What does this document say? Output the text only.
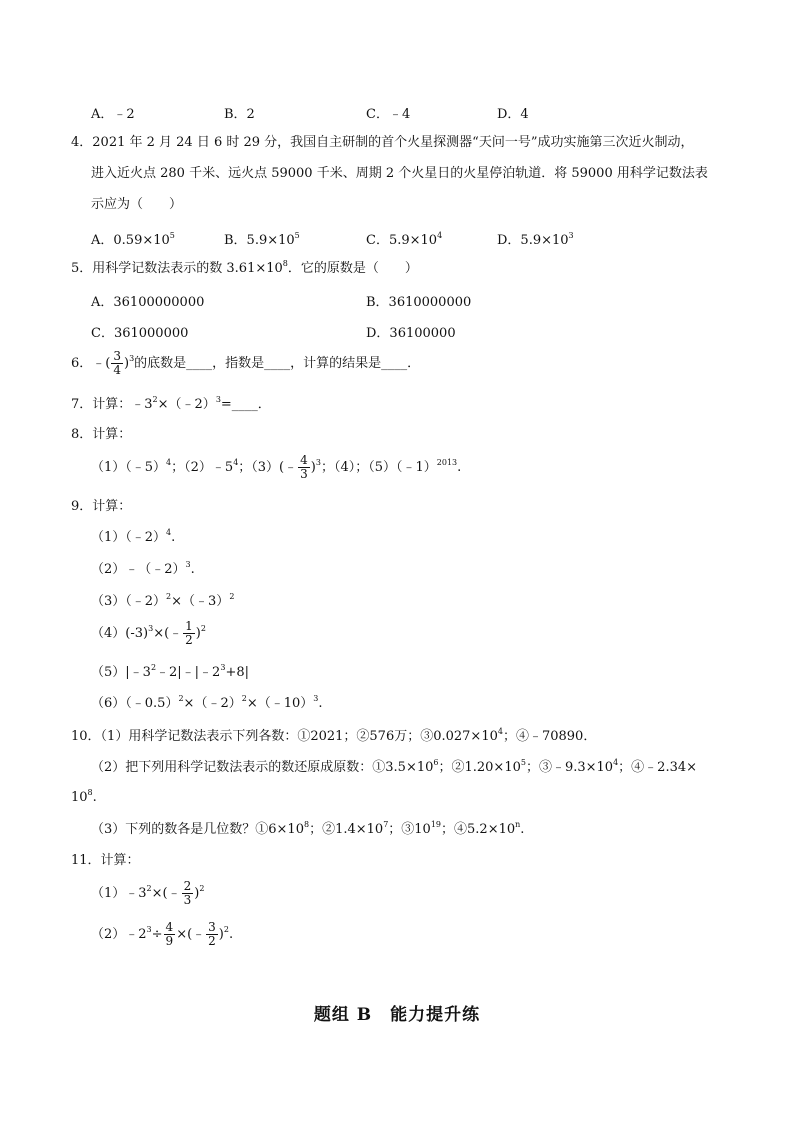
A．﹣2	B．2	C．﹣4	D．4
4．2021 年 2 月 24 日 6 时 29 分，我国自主研制的首个火星探测器“天问一号”成功实施第三次近火制动，
进入近火点 280 千米、远火点 59000 千米、周期 2 个火星日的火星停泊轨道．将 59000 用科学记数法表
示应为（　　）
A．$0.59\times 10^5$	B．$5.9\times 10^5$	C．$5.9\times 10^4$	D．$5.9\times 10^3$
5．用科学记数法表示的数 $3.61\times 10^8$．它的原数是（　　）
A．36100000000	B．3610000000
C．361000000	D．36100000
6．﹣( $\frac{3}{4} )^3$的底数是____，指数是____，计算的结果是____．
7．计算：$﹣3^2\times(﹣2)^3=\_\_\_\_$．
8．计算：
（1）（﹣5）$^4$；$(2)﹣5^4$；（3）(﹣ $\frac{4}{3} )^3$；（4）；（5）（﹣1）$^{2013}$.
9．计算：
（1）（﹣2）$^4$.
（2）﹣（﹣2）$^3$.
（3）（﹣2）$^2$×（﹣3）$^2$
$(4)(-3)^3\times(﹣ \frac{1}{2} )^2$
$(5)|﹣3^2﹣2|﹣|﹣2^3+8|$
（6）（﹣0.5）$^2$×（﹣2）$^2$×（﹣10）$^3$.
10．（1）用科学记数法表示下列各数：①2021；②576万；$③0.027\times 10^4$；④﹣70890．
（2）把下列用科学记数法表示的数还原成原数：$①3.5\times 10^6$；$②1.20\times 10^5$；$③﹣9.3\times 10^4$；④﹣2.34×
$10^8$.
（3）下列的数各是几位数？$①6\times 10^8$；$②1.4\times 10^7$；$③10^{19}$；$④5.2\times 10^n$.
11．计算：
$(1)﹣3^2\times(﹣ \frac{2}{3} )^2$
$(2)﹣2^3\div \frac{4}{9}$ ×(﹣ $\frac{3}{2} )^2$.
题组 B　能力提升练
